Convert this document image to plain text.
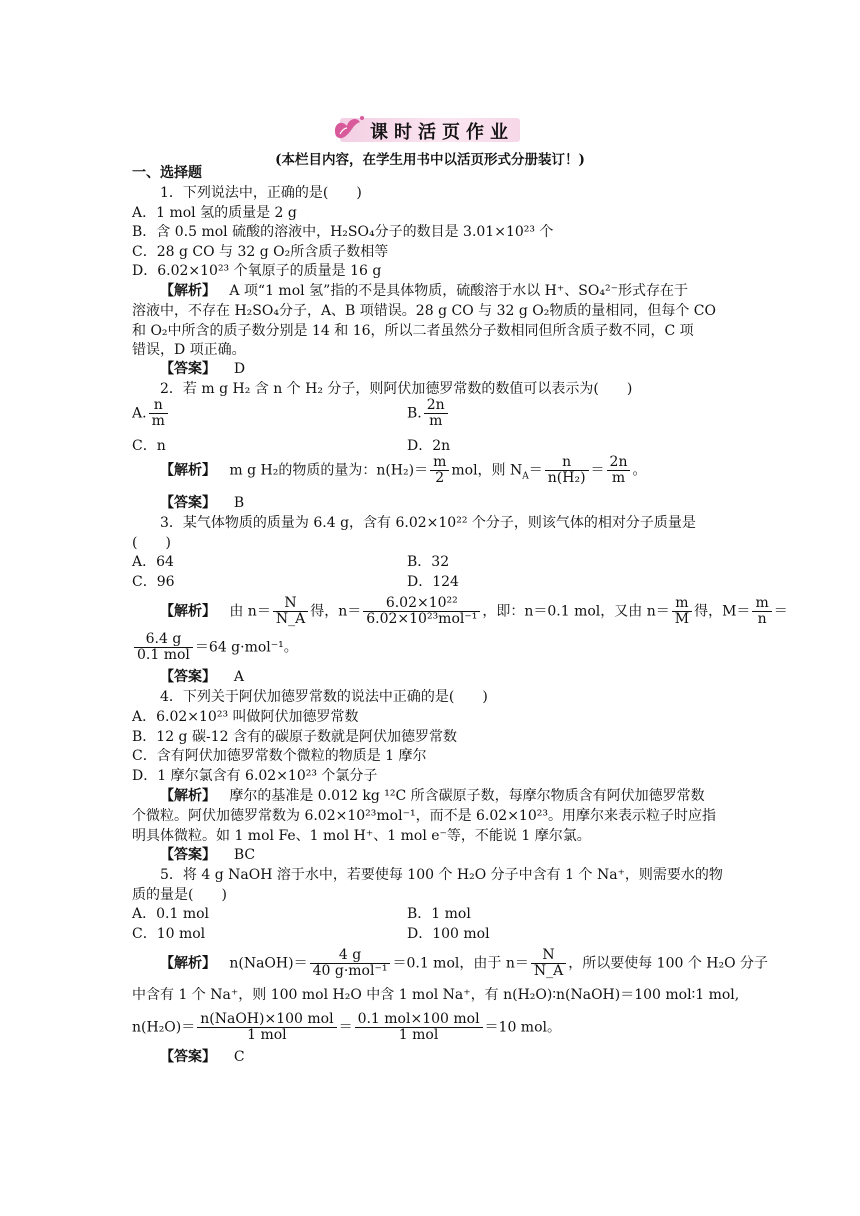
课时活页作业
(本栏目内容，在学生用书中以活页形式分册装订！)
一、选择题
1．下列说法中，正确的是(　　)
A．1 mol 氢的质量是 2 g
B．含 0.5 mol 硫酸的溶液中，H₂SO₄分子的数目是 3.01×10²³ 个
C．28 g CO 与 32 g O₂所含质子数相等
D．6.02×10²³ 个氧原子的质量是 16 g
【解析】 A 项“1 mol 氢”指的不是具体物质，硫酸溶于水以 H⁺、SO₄²⁻形式存在于
溶液中，不存在 H₂SO₄分子，A、B 项错误。28 g CO 与 32 g O₂物质的量相同，但每个 CO
和 O₂中所含的质子数分别是 14 和 16，所以二者虽然分子数相同但所含质子数不同，C 项
错误，D 项正确。
【答案】 D
2．若 m g H₂ 含 n 个 H₂ 分子，则阿伏加德罗常数的数值可以表示为(　　)
A. $\frac{n}{m}$	B. $\frac{2n}{m}$
C．n	D．2n
【解析】 m g H₂的物质的量为：$n(H_2)= \frac{m}{2}$ mol，则 $N_A= \frac{n}{\text{n(H₂)}} = \frac{2n}{m}$ 。
【答案】 B
3．某气体物质的质量为 6.4 g，含有 6.02×10²² 个分子，则该气体的相对分子质量是
(　　)
A．64	B．32
C．96	D．124
【解析】 由 $n= \frac{N}{N\_A}$ 得，$n= \frac{\text{6.02×10²²}}{\text{6.02×10²³mol⁻¹}}$ ，即：n＝0.1 mol，又由 $n= \frac{m}{M}$ 得，$M= \frac{m}{n}$ ＝
$\frac{6.4 g}{\text{0.1 mol}} =64$ g·mol⁻¹。
【答案】 A
4．下列关于阿伏加德罗常数的说法中正确的是(　　)
A．6.02×10²³ 叫做阿伏加德罗常数
B．12 g 碳-12 含有的碳原子数就是阿伏加德罗常数
C．含有阿伏加德罗常数个微粒的物质是 1 摩尔
D．1 摩尔氯含有 6.02×10²³ 个氯分子
【解析】 摩尔的基准是 0.012 kg ¹²C 所含碳原子数，每摩尔物质含有阿伏加德罗常数
个微粒。阿伏加德罗常数为 6.02×10²³mol⁻¹，而不是 6.02×10²³。用摩尔来表示粒子时应指
明具体微粒。如 1 mol Fe、1 mol H⁺、1 mol e⁻等，不能说 1 摩尔氯。
【答案】 BC
5．将 4 g NaOH 溶于水中，若要使每 100 个 H₂O 分子中含有 1 个 Na⁺，则需要水的物
质的量是(　　)
A．0.1 mol	B．1 mol
C．10 mol	D．100 mol
【解析】 n(NaOH)＝ $\frac{4 g}{\text{40 g·mol⁻¹}} =0.1$ mol，由于 $n= \frac{N}{N\_A}$ ，所以要使每 100 个 H₂O 分子
中含有 1 个 Na⁺，则 100 mol H₂O 中含 1 mol Na⁺，有 n(H₂O)∶n(NaOH)＝100 mol∶1 mol,
$n(H_2O)= \frac{\text{n(NaOH)×100 mol}}{\text{1 mol}} = \frac{\text{0.1 mol×100 mol}}{\text{1 mol}} =10$ mol。
【答案】 C
